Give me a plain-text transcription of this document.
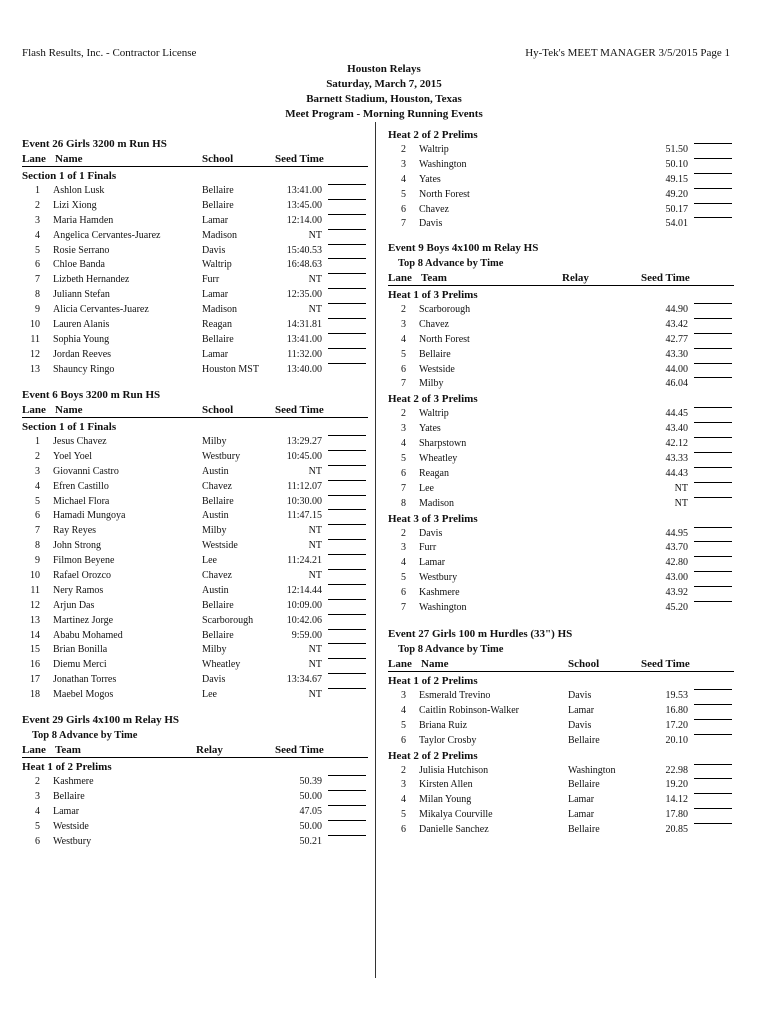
Flash Results, Inc. - Contractor License	Hy-Tek's MEET MANAGER 3/5/2015 Page 1
Houston Relays
Saturday, March 7, 2015
Barnett Stadium, Houston, Texas
Meet Program - Morning Running Events
Event 26 Girls 3200 m Run HS
Lane Name	School	Seed Time
Section 1 of 1 Finals
1 Ashlon Lusk	Bellaire	13:41.00
2 Lizi Xiong	Bellaire	13:45.00
3 Maria Hamden	Lamar	12:14.00
4 Angelica Cervantes-Juarez	Madison	NT
5 Rosie Serrano	Davis	15:40.53
6 Chloe Banda	Waltrip	16:48.63
7 Lizbeth Hernandez	Furr	NT
8 Juliann Stefan	Lamar	12:35.00
9 Alicia Cervantes-Juarez	Madison	NT
10 Lauren Alanis	Reagan	14:31.81
11 Sophia Young	Bellaire	13:41.00
12 Jordan Reeves	Lamar	11:32.00
13 Shauncy Ringo	Houston MST	13:40.00
Event 6 Boys 3200 m Run HS
Lane Name	School	Seed Time
Section 1 of 1 Finals
1 Jesus Chavez	Milby	13:29.27
2 Yoel Yoel	Westbury	10:45.00
3 Giovanni Castro	Austin	NT
4 Efren Castillo	Chavez	11:12.07
5 Michael Flora	Bellaire	10:30.00
6 Hamadi Mungoya	Austin	11:47.15
7 Ray Reyes	Milby	NT
8 John Strong	Westside	NT
9 Filmon Beyene	Lee	11:24.21
10 Rafael Orozco	Chavez	NT
11 Nery Ramos	Austin	12:14.44
12 Arjun Das	Bellaire	10:09.00
13 Martinez Jorge	Scarborough	10:42.06
14 Ababu Mohamed	Bellaire	9:59.00
15 Brian Bonilla	Milby	NT
16 Diemu Merci	Wheatley	NT
17 Jonathan Torres	Davis	13:34.67
18 Maebel Mogos	Lee	NT
Event 29 Girls 4x100 m Relay HS
Top 8 Advance by Time
Lane Team	Relay	Seed Time
Heat 1 of 2 Prelims
2 Kashmere	50.39
3 Bellaire	50.00
4 Lamar	47.05
5 Westside	50.00
6 Westbury	50.21
Heat 2 of 2 Prelims
2 Waltrip	51.50
3 Washington	50.10
4 Yates	49.15
5 North Forest	49.20
6 Chavez	50.17
7 Davis	54.01
Event 9 Boys 4x100 m Relay HS
Top 8 Advance by Time
Lane Team	Relay	Seed Time
Heat 1 of 3 Prelims
2 Scarborough	44.90
3 Chavez	43.42
4 North Forest	42.77
5 Bellaire	43.30
6 Westside	44.00
7 Milby	46.04
Heat 2 of 3 Prelims
2 Waltrip	44.45
3 Yates	43.40
4 Sharpstown	42.12
5 Wheatley	43.33
6 Reagan	44.43
7 Lee	NT
8 Madison	NT
Heat 3 of 3 Prelims
2 Davis	44.95
3 Furr	43.70
4 Lamar	42.80
5 Westbury	43.00
6 Kashmere	43.92
7 Washington	45.20
Event 27 Girls 100 m Hurdles (33") HS
Top 8 Advance by Time
Lane Name	School	Seed Time
Heat 1 of 2 Prelims
3 Esmerald Trevino	Davis	19.53
4 Caitlin Robinson-Walker	Lamar	16.80
5 Briana Ruiz	Davis	17.20
6 Taylor Crosby	Bellaire	20.10
Heat 2 of 2 Prelims
2 Julisia Hutchison	Washington	22.98
3 Kirsten Allen	Bellaire	19.20
4 Milan Young	Lamar	14.12
5 Mikalya Courville	Lamar	17.80
6 Danielle Sanchez	Bellaire	20.85
